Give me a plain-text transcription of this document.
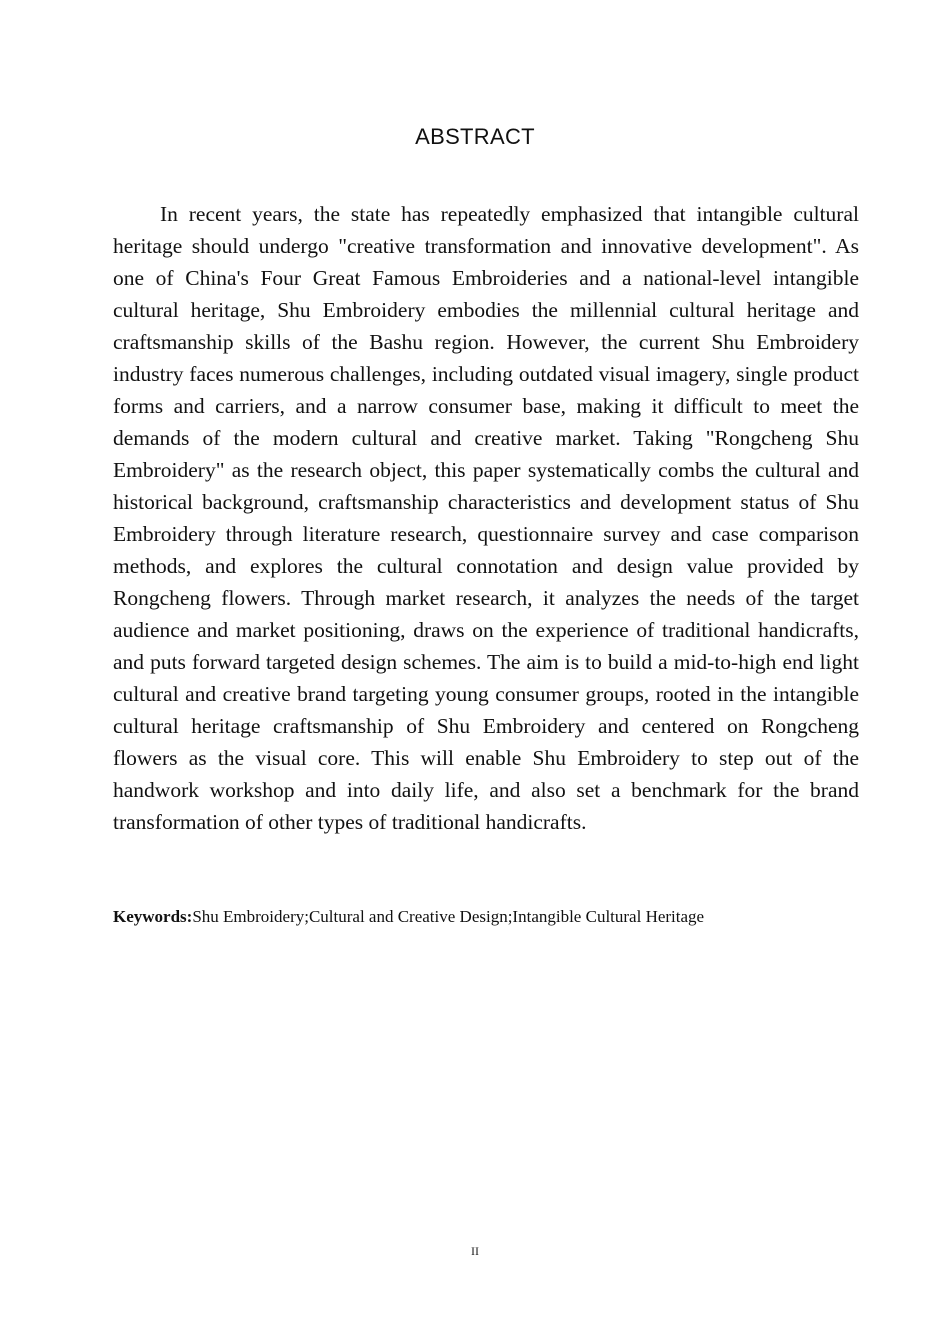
ABSTRACT

In recent years, the state has repeatedly emphasized that intangible cultural heritage should undergo "creative transformation and innovative development". As one of China's Four Great Famous Embroideries and a national-level intangible cultural heritage, Shu Embroidery embodies the millennial cultural heritage and craftsmanship skills of the Bashu region. However, the current Shu Embroidery industry faces numerous challenges, including outdated visual imagery, single product forms and carriers, and a narrow consumer base, making it difficult to meet the demands of the modern cultural and creative market. Taking "Rongcheng Shu Embroidery" as the research object, this paper systematically combs the cultural and historical background, craftsmanship characteristics and development status of Shu Embroidery through literature research, questionnaire survey and case comparison methods, and explores the cultural connotation and design value provided by Rongcheng flowers. Through market research, it analyzes the needs of the target audience and market positioning, draws on the experience of traditional handicrafts, and puts forward targeted design schemes. The aim is to build a mid-to-high end light cultural and creative brand targeting young consumer groups, rooted in the intangible cultural heritage craftsmanship of Shu Embroidery and centered on Rongcheng flowers as the visual core. This will enable Shu Embroidery to step out of the handwork workshop and into daily life, and also set a benchmark for the brand transformation of other types of traditional handicrafts.

Keywords:Shu Embroidery;Cultural and Creative Design;Intangible Cultural Heritage

II
